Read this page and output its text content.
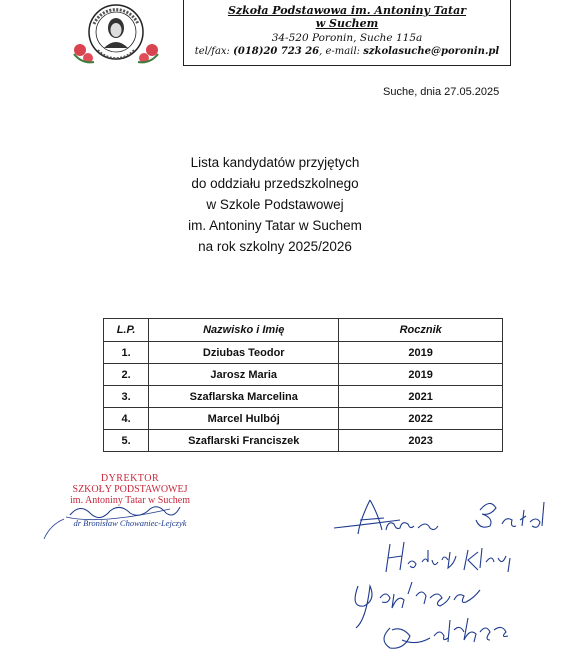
Szkoła Podstawowa im. Antoniny Tatar
w Suchem
34-520 Poronin, Suche 115a
tel/fax: (018)20 723 26, e-mail: szkolasuche@poronin.pl
Suche, dnia 27.05.2025
Lista kandydatów przyjętych
do oddziału przedszkolnego
w Szkole Podstawowej
im. Antoniny Tatar w Suchem
na rok szkolny 2025/2026
L.P.	Nazwisko i Imię	Rocznik
1.	Dziubas Teodor	2019
2.	Jarosz Maria	2019
3.	Szaflarska Marcelina	2021
4.	Marcel Hulbój	2022
5.	Szaflarski Franciszek	2023
DYREKTOR
SZKOŁY PODSTAWOWEJ
im. Antoniny Tatar w Suchem
dr Bronisław Chowaniec-Lejczyk
